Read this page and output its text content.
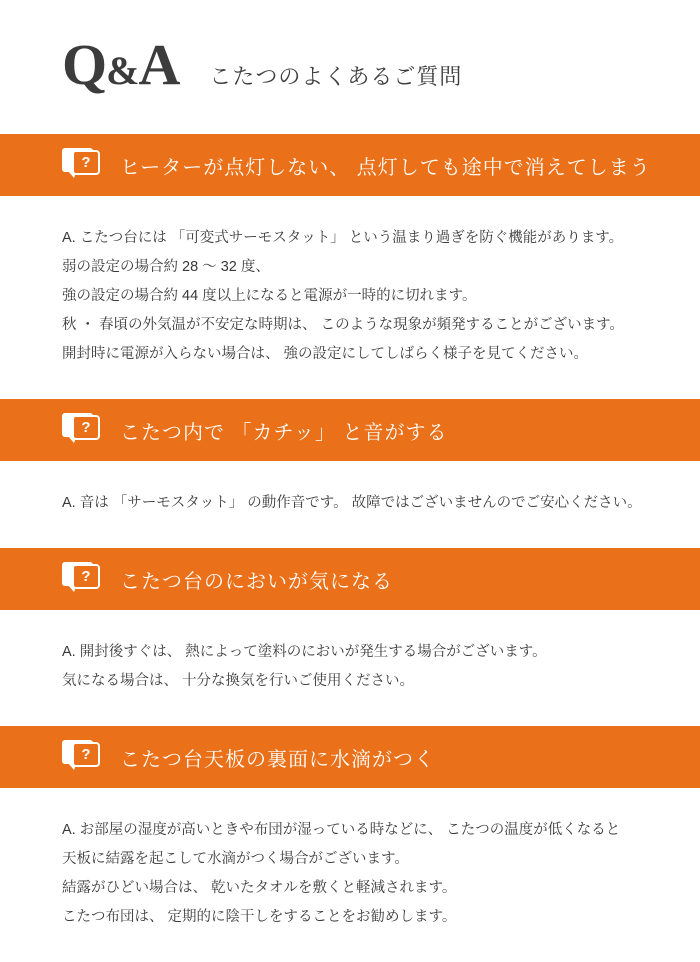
Q&A こたつのよくあるご質問
? ヒーターが点灯しない、 点灯しても途中で消えてしまう
A. こたつ台には 「可変式サーモスタット」 という温まり過ぎを防ぐ機能があります。
弱の設定の場合約 28 ～ 32 度、
強の設定の場合約 44 度以上になると電源が一時的に切れます。
秋 ・ 春頃の外気温が不安定な時期は、 このような現象が頻発することがございます。
開封時に電源が入らない場合は、 強の設定にしてしばらく様子を見てください。
? こたつ内で 「カチッ」 と音がする
A. 音は 「サーモスタット」 の動作音です。 故障ではございませんのでご安心ください。
? こたつ台のにおいが気になる
A. 開封後すぐは、 熱によって塗料のにおいが発生する場合がございます。
気になる場合は、 十分な換気を行いご使用ください。
? こたつ台天板の裏面に水滴がつく
A. お部屋の湿度が高いときや布団が湿っている時などに、 こたつの温度が低くなると
天板に結露を起こして水滴がつく場合がございます。
結露がひどい場合は、 乾いたタオルを敷くと軽減されます。
こたつ布団は、 定期的に陰干しをすることをお勧めします。
